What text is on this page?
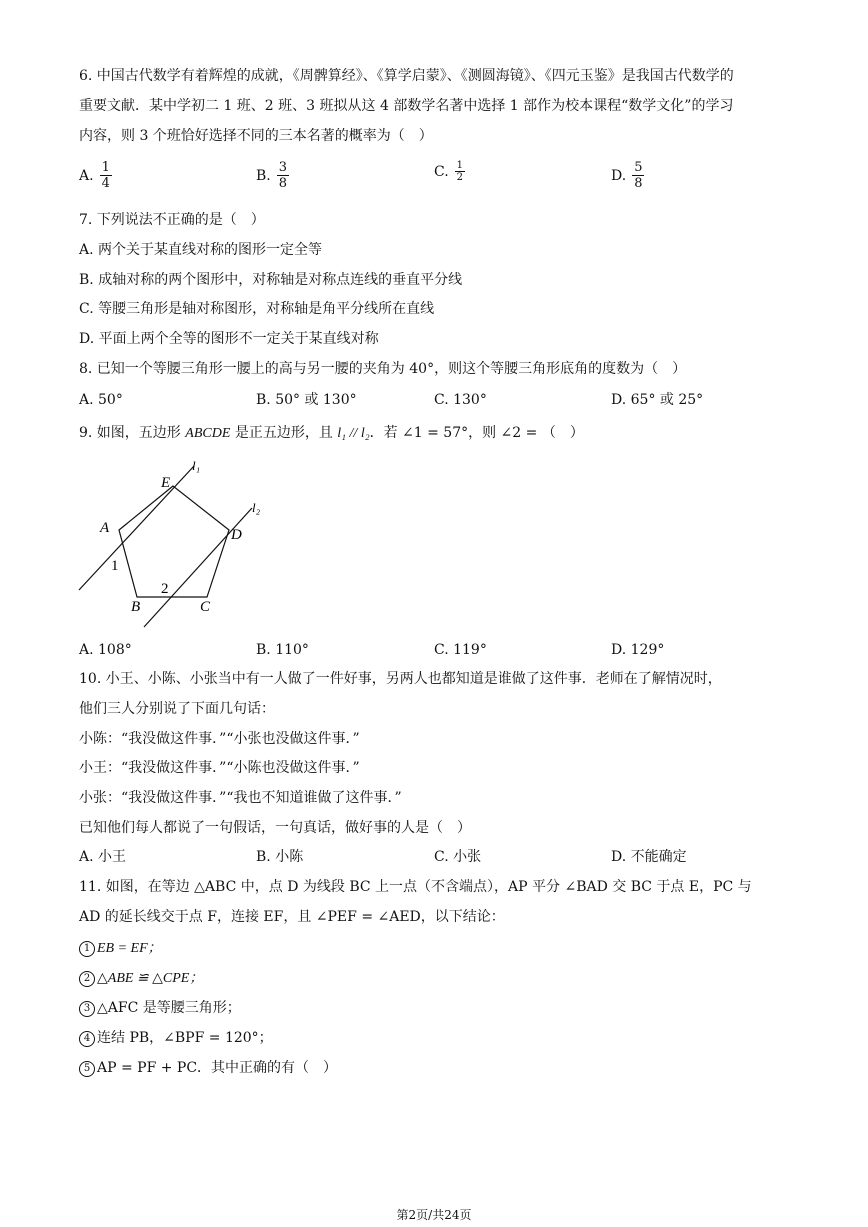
6. 中国古代数学有着辉煌的成就，《周髀算经》、《算学启蒙》、《测圆海镜》、《四元玉鉴》是我国古代数学的
重要文献．某中学初二 1 班、2 班、3 班拟从这 4 部数学名著中选择 1 部作为校本课程“数学文化”的学习
内容，则 3 个班恰好选择不同的三本名著的概率为（　）
A. 1
4	B. 3
8
C. 1
2	D. 5
8
7. 下列说法不正确的是（　）
A. 两个关于某直线对称的图形一定全等
B. 成轴对称的两个图形中，对称轴是对称点连线的垂直平分线
C. 等腰三角形是轴对称图形，对称轴是角平分线所在直线
D. 平面上两个全等的图形不一定关于某直线对称
8. 已知一个等腰三角形一腰上的高与另一腰的夹角为 40°，则这个等腰三角形底角的度数为（　）
A. 50°	B. 50° 或 130°	C. 130°	D. 65° 或 25°
9. 如图，五边形 ABCDE 是正五边形，且 l₁ // l₂．若 ∠1 = 57°，则 ∠2 = （　）
E
A	D
B	C
l₁
l₂
1
2
A. 108°	B. 110°	C. 119°	D. 129°
10. 小王、小陈、小张当中有一人做了一件好事，另两人也都知道是谁做了这件事．老师在了解情况时，
他们三人分别说了下面几句话：
小陈：“我没做这件事．”“小张也没做这件事．”
小王：“我没做这件事．”“小陈也没做这件事．”
小张：“我没做这件事．”“我也不知道谁做了这件事．”
已知他们每人都说了一句假话，一句真话，做好事的人是（　）
A. 小王	B. 小陈	C. 小张	D. 不能确定
11. 如图，在等边 △ABC 中，点 D 为线段 BC 上一点（不含端点），AP 平分 ∠BAD 交 BC 于点 E，PC 与
AD 的延长线交于点 F，连接 EF，且 ∠PEF = ∠AED，以下结论：
1 EB = EF；
2 △ABE ≌ △CPE；
3 △AFC 是等腰三角形；
4 连结 PB，∠BPF = 120°；
5 AP = PF + PC．其中正确的有（　）
第2页/共24页
